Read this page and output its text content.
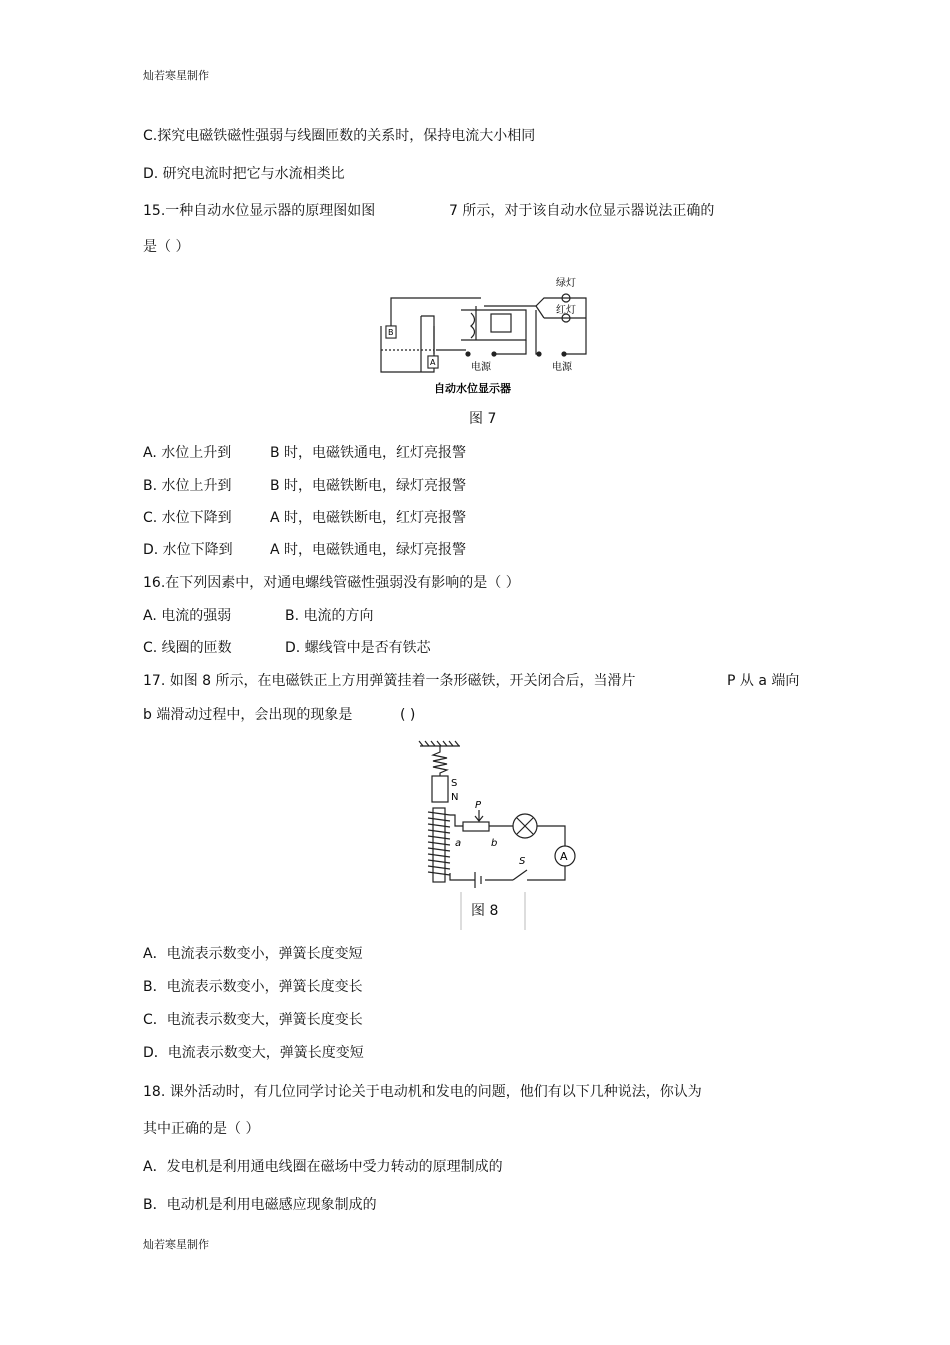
灿若寒星制作
C.探究电磁铁磁性强弱与线圈匝数的关系时，保持电流大小相同
D. 研究电流时把它与水流相类比
15.一种自动水位显示器的原理图如图	7 所示，对于该自动水位显示器说法正确的
是（ ）
B
A
绿灯
红灯
电源	电源
自动水位显示器
图 7
A. 水位上升到	B 时，电磁铁通电，红灯亮报警
B. 水位上升到	B 时，电磁铁断电，绿灯亮报警
C. 水位下降到	A 时，电磁铁断电，红灯亮报警
D. 水位下降到	A 时，电磁铁通电，绿灯亮报警
16.在下列因素中，对通电螺线管磁性强弱没有影响的是（ ）
A. 电流的强弱	B. 电流的方向
C. 线圈的匝数	D. 螺线管中是否有铁芯
17. 如图 8 所示，在电磁铁正上方用弹簧挂着一条形磁铁，开关闭合后，当滑片	P 从 a 端向
b 端滑动过程中，会出现的现象是	( )
A
S
N
P
a	b
S
图 8
A．电流表示数变小，弹簧长度变短
B．电流表示数变小，弹簧长度变长
C．电流表示数变大，弹簧长度变长
D．电流表示数变大，弹簧长度变短
18. 课外活动时，有几位同学讨论关于电动机和发电的问题，他们有以下几种说法，你认为
其中正确的是（ ）
A．发电机是利用通电线圈在磁场中受力转动的原理制成的
B．电动机是利用电磁感应现象制成的
灿若寒星制作
